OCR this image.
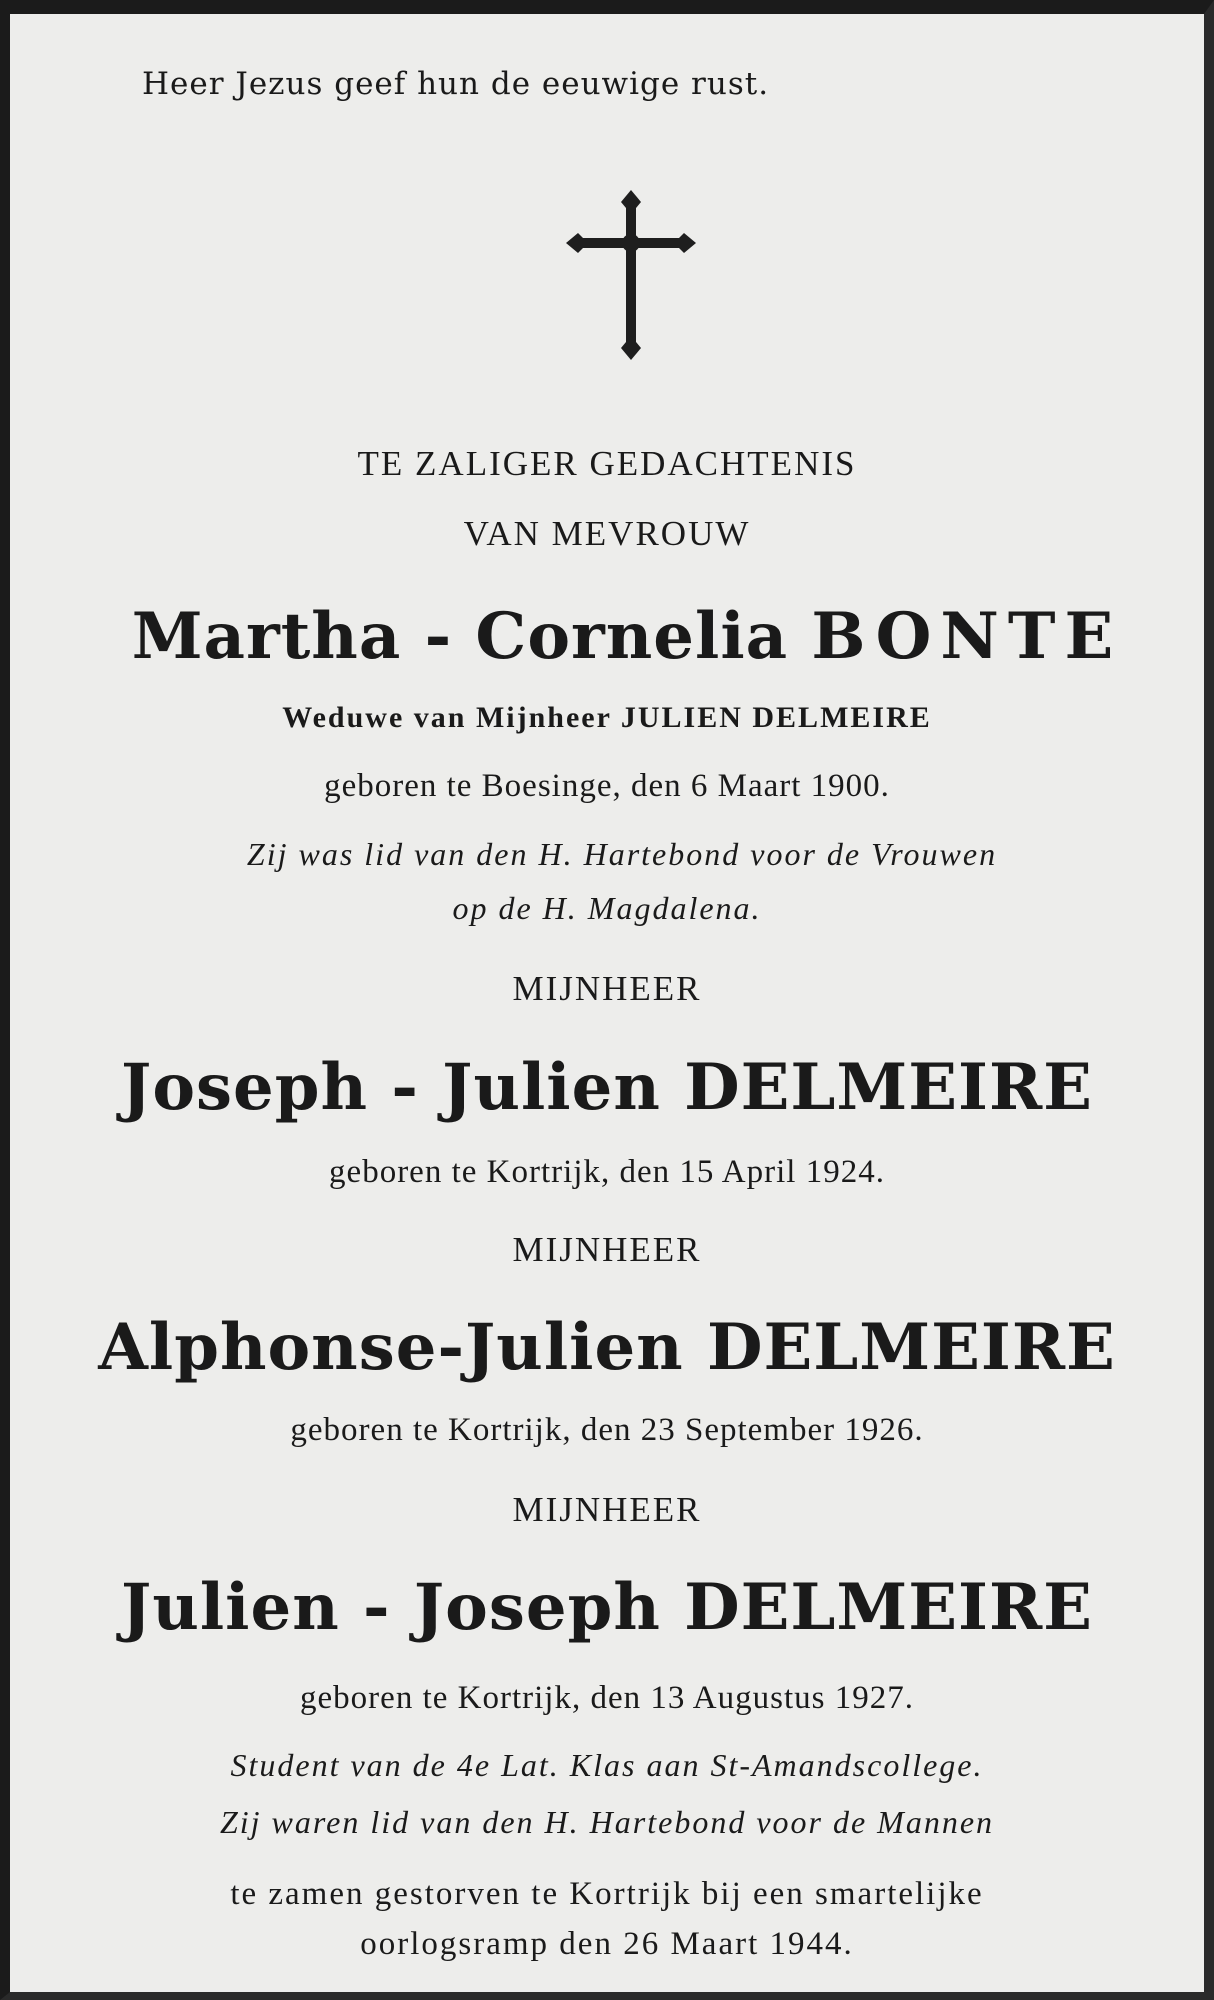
Heer Jezus geef hun de eeuwige rust.
TE ZALIGER GEDACHTENIS
VAN MEVROUW
Martha - Cornelia BONTE
Weduwe van Mijnheer JULIEN DELMEIRE
geboren te Boesinge, den 6 Maart 1900.
Zij was lid van den H. Hartebond voor de Vrouwen
op de H. Magdalena.
MIJNHEER
Joseph - Julien DELMEIRE
geboren te Kortrijk, den 15 April 1924.
MIJNHEER
Alphonse-Julien DELMEIRE
geboren te Kortrijk, den 23 September 1926.
MIJNHEER
Julien - Joseph DELMEIRE
geboren te Kortrijk, den 13 Augustus 1927.
Student van de 4e Lat. Klas aan St-Amandscollege.
Zij waren lid van den H. Hartebond voor de Mannen
te zamen gestorven te Kortrijk bij een smartelijke
oorlogsramp den 26 Maart 1944.
